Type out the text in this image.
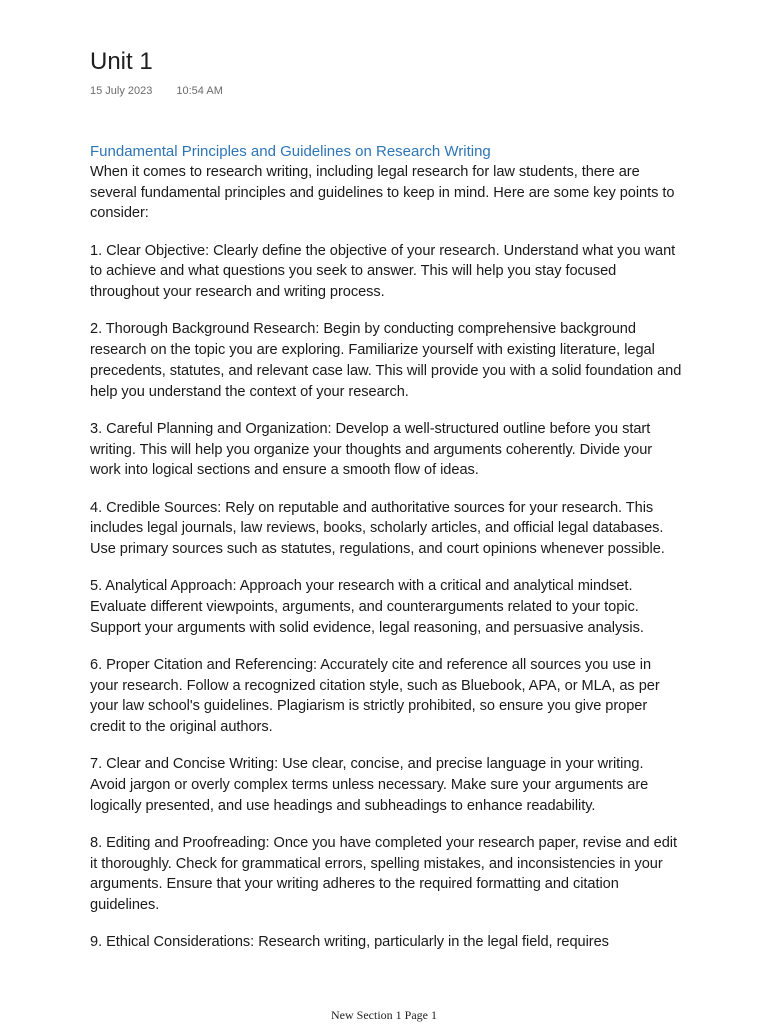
Unit 1
15 July 2023 10:54 AM
Fundamental Principles and Guidelines on Research Writing

When it comes to research writing, including legal research for law students, there are several fundamental principles and guidelines to keep in mind. Here are some key points to consider:

1. Clear Objective: Clearly define the objective of your research. Understand what you want to achieve and what questions you seek to answer. This will help you stay focused throughout your research and writing process.

2. Thorough Background Research: Begin by conducting comprehensive background research on the topic you are exploring. Familiarize yourself with existing literature, legal precedents, statutes, and relevant case law. This will provide you with a solid foundation and help you understand the context of your research.

3. Careful Planning and Organization: Develop a well-structured outline before you start writing. This will help you organize your thoughts and arguments coherently. Divide your work into logical sections and ensure a smooth flow of ideas.

4. Credible Sources: Rely on reputable and authoritative sources for your research. This includes legal journals, law reviews, books, scholarly articles, and official legal databases. Use primary sources such as statutes, regulations, and court opinions whenever possible.

5. Analytical Approach: Approach your research with a critical and analytical mindset. Evaluate different viewpoints, arguments, and counterarguments related to your topic. Support your arguments with solid evidence, legal reasoning, and persuasive analysis.

6. Proper Citation and Referencing: Accurately cite and reference all sources you use in your research. Follow a recognized citation style, such as Bluebook, APA, or MLA, as per your law school's guidelines. Plagiarism is strictly prohibited, so ensure you give proper credit to the original authors.

7. Clear and Concise Writing: Use clear, concise, and precise language in your writing. Avoid jargon or overly complex terms unless necessary. Make sure your arguments are logically presented, and use headings and subheadings to enhance readability.

8. Editing and Proofreading: Once you have completed your research paper, revise and edit it thoroughly. Check for grammatical errors, spelling mistakes, and inconsistencies in your arguments. Ensure that your writing adheres to the required formatting and citation guidelines.

9. Ethical Considerations: Research writing, particularly in the legal field, requires

New Section 1 Page 1
